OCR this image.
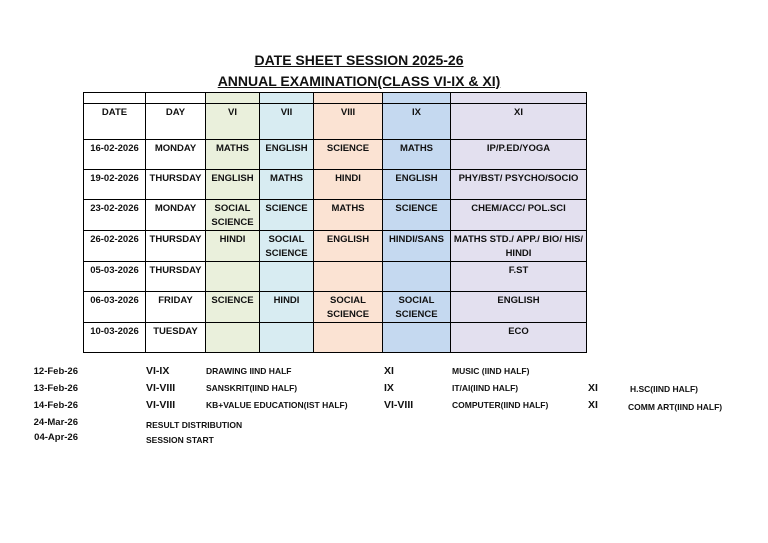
DATE SHEET SESSION 2025-26
ANNUAL EXAMINATION(CLASS VI-IX & XI)

DATE	DAY	VI	VII	VIII	IX	XI
16-02-2026	MONDAY	MATHS	ENGLISH	SCIENCE	MATHS	IP/P.ED/YOGA
19-02-2026	THURSDAY	ENGLISH	MATHS	HINDI	ENGLISH	PHY/BST/ PSYCHO/SOCIO
23-02-2026	MONDAY	SOCIAL SCIENCE	SCIENCE	MATHS	SCIENCE	CHEM/ACC/ POL.SCI
26-02-2026	THURSDAY	HINDI	SOCIAL SCIENCE	ENGLISH	HINDI/SANS	MATHS STD./ APP./ BIO/ HIS/ HINDI
05-03-2026	THURSDAY					F.ST
06-03-2026	FRIDAY	SCIENCE	HINDI	SOCIAL SCIENCE	SOCIAL SCIENCE	ENGLISH
10-03-2026	TUESDAY					ECO
12-Feb-26	VI-IX	DRAWING IIND HALF	XI	MUSIC (IIND HALF)
13-Feb-26	VI-VIII	SANSKRIT(IIND HALF)	IX	IT/AI(IIND HALF)	XI	H.SC(IIND HALF)
14-Feb-26	VI-VIII	KB+VALUE EDUCATION(IST HALF)	VI-VIII	COMPUTER(IIND HALF)	XI	COMM ART(IIND HALF)
24-Mar-26	RESULT DISTRIBUTION
04-Apr-26	SESSION START
